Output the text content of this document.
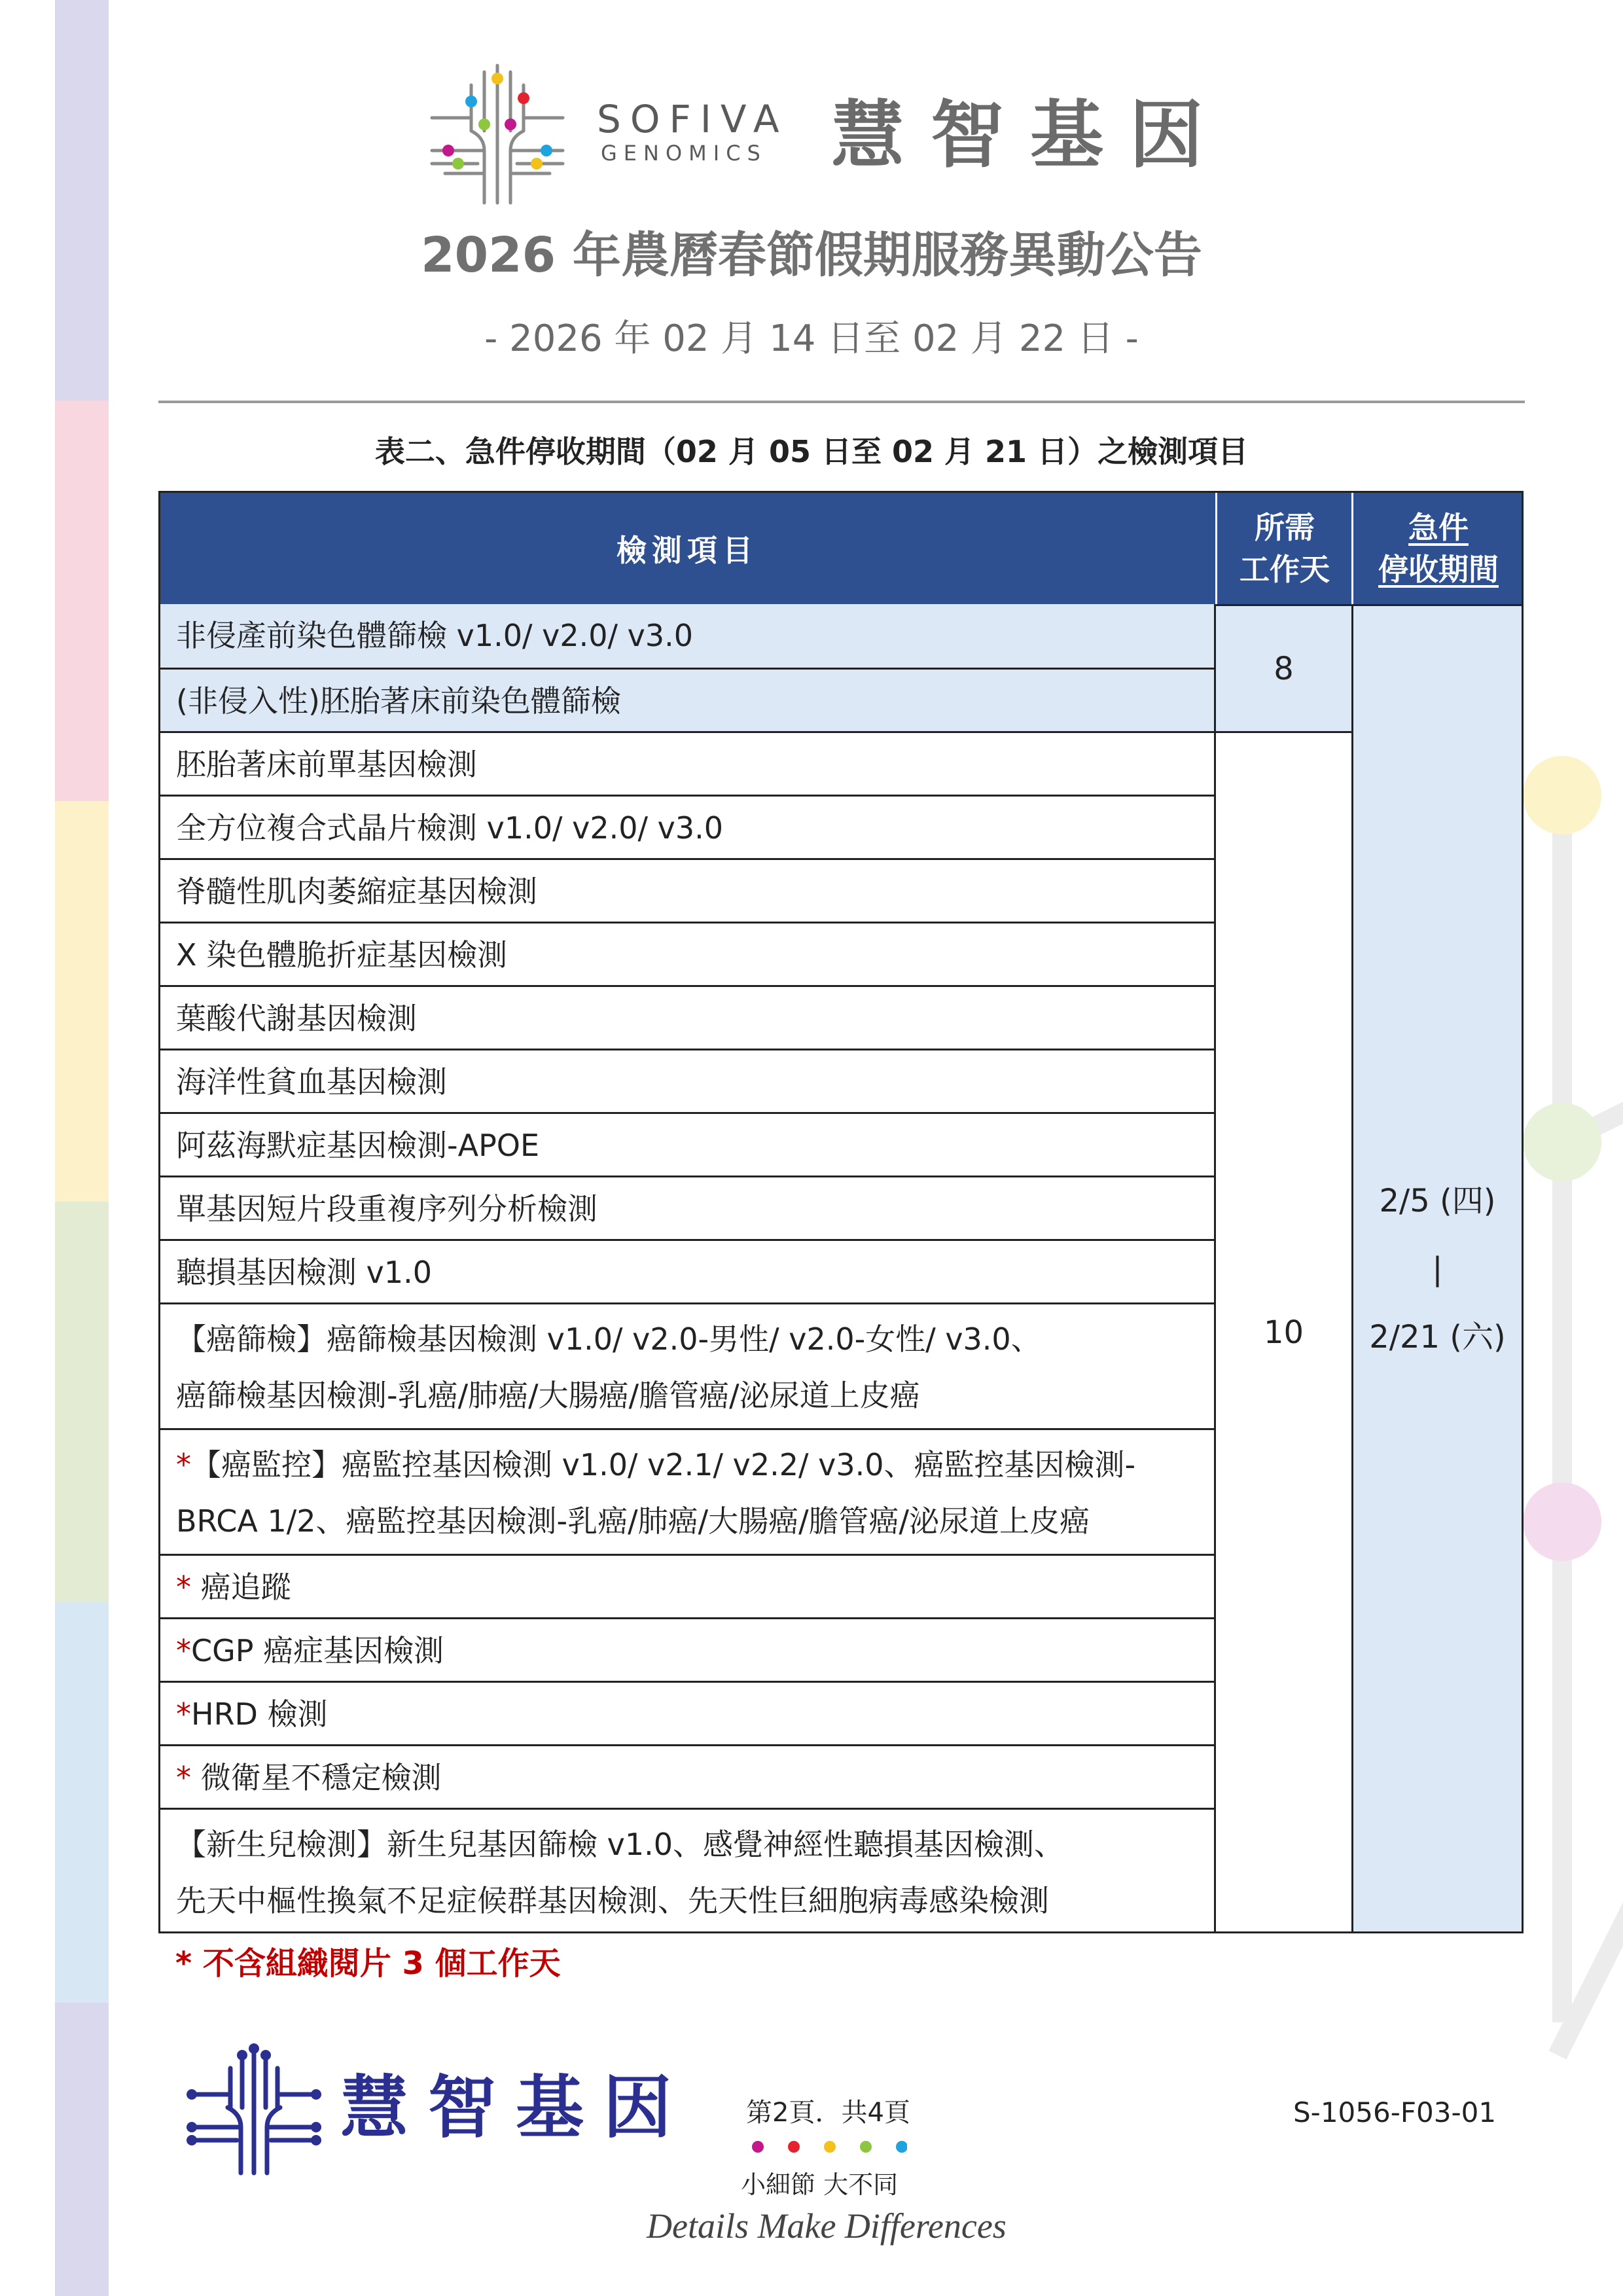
SOFIVA
GENOMICS 慧智基因
2026 年農曆春節假期服務異動公告
- 2026 年 02 月 14 日至 02 月 22 日 -
表二、急件停收期間（02 月 05 日至 02 月 21 日）之檢測項目
檢測項目
所需
工作天
急件
停收期間
非侵產前染色體篩檢 v1.0/ v2.0/ v3.0
(非侵入性)胚胎著床前染色體篩檢
胚胎著床前單基因檢測
全方位複合式晶片檢測 v1.0/ v2.0/ v3.0
脊髓性肌肉萎縮症基因檢測
X 染色體脆折症基因檢測
葉酸代謝基因檢測
海洋性貧血基因檢測
阿茲海默症基因檢測-APOE
單基因短片段重複序列分析檢測
聽損基因檢測 v1.0
【癌篩檢】癌篩檢基因檢測 v1.0/ v2.0-男性/ v2.0-女性/ v3.0、
癌篩檢基因檢測-乳癌/肺癌/大腸癌/膽管癌/泌尿道上皮癌
*【癌監控】癌監控基因檢測 v1.0/ v2.1/ v2.2/ v3.0、癌監控基因檢測-
BRCA 1/2、癌監控基因檢測-乳癌/肺癌/大腸癌/膽管癌/泌尿道上皮癌
* 癌追蹤
*CGP 癌症基因檢測
*HRD 檢測
* 微衛星不穩定檢測
【新生兒檢測】新生兒基因篩檢 v1.0、感覺神經性聽損基因檢測、
先天中樞性換氣不足症候群基因檢測、先天性巨細胞病毒感染檢測
8
10
2/5 (四)
|
2/21 (六)
* 不含組織閱片 3 個工作天
慧智基因 第2頁．共4頁
小細節 大不同
Details Make Differences
S-1056-F03-01
